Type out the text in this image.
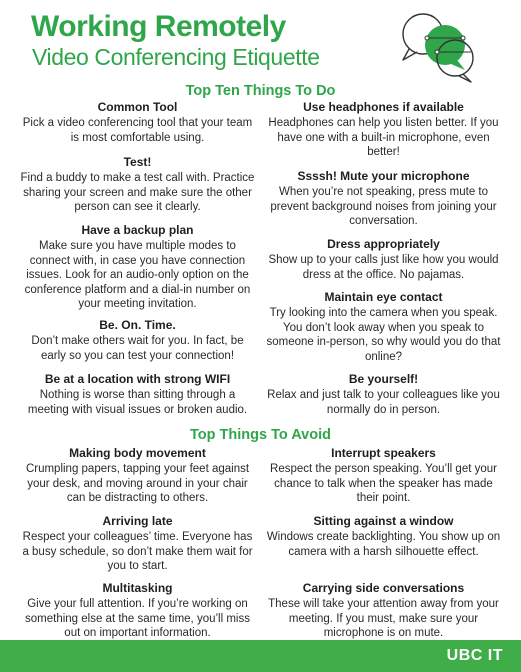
Working Remotely
Video Conferencing Etiquette
Top Ten Things To Do
Common Tool
Pick a video conferencing tool that your team is most comfortable using.
Test!
Find a buddy to make a test call with. Practice sharing your screen and make sure the other person can see it clearly.
Have a backup plan
Make sure you have multiple modes to connect with, in case you have connection issues. Look for an audio-only option on the conference platform and a dial-in number on your meeting invitation.
Be. On. Time.
Don’t make others wait for you. In fact, be early so you can test your connection!
Be at a location with strong WIFI
Nothing is worse than sitting through a meeting with visual issues or broken audio.
Use headphones if available
Headphones can help you listen better. If you have one with a built-in microphone, even better!
Ssssh! Mute your microphone
When you’re not speaking, press mute to prevent background noises from joining your conversation.
Dress appropriately
Show up to your calls just like how you would dress at the office. No pajamas.
Maintain eye contact
Try looking into the camera when you speak. You don’t look away when you speak to someone in-person, so why would you do that online?
Be yourself!
Relax and just talk to your colleagues like you normally do in person.
Top Things To Avoid
Making body movement
Crumpling papers, tapping your feet against your desk, and moving around in your chair can be distracting to others.
Arriving late
Respect your colleagues’ time. Everyone has a busy schedule, so don’t make them wait for you to start.
Multitasking
Give your full attention. If you’re working on something else at the same time, you’ll miss out on important information.
Interrupt speakers
Respect the person speaking. You’ll get your chance to talk when the speaker has made their point.
Sitting against a window
Windows create backlighting. You show up on camera with a harsh silhouette effect.
Carrying side conversations
These will take your attention away from your meeting. If you must, make sure your microphone is on mute.
UBC IT
